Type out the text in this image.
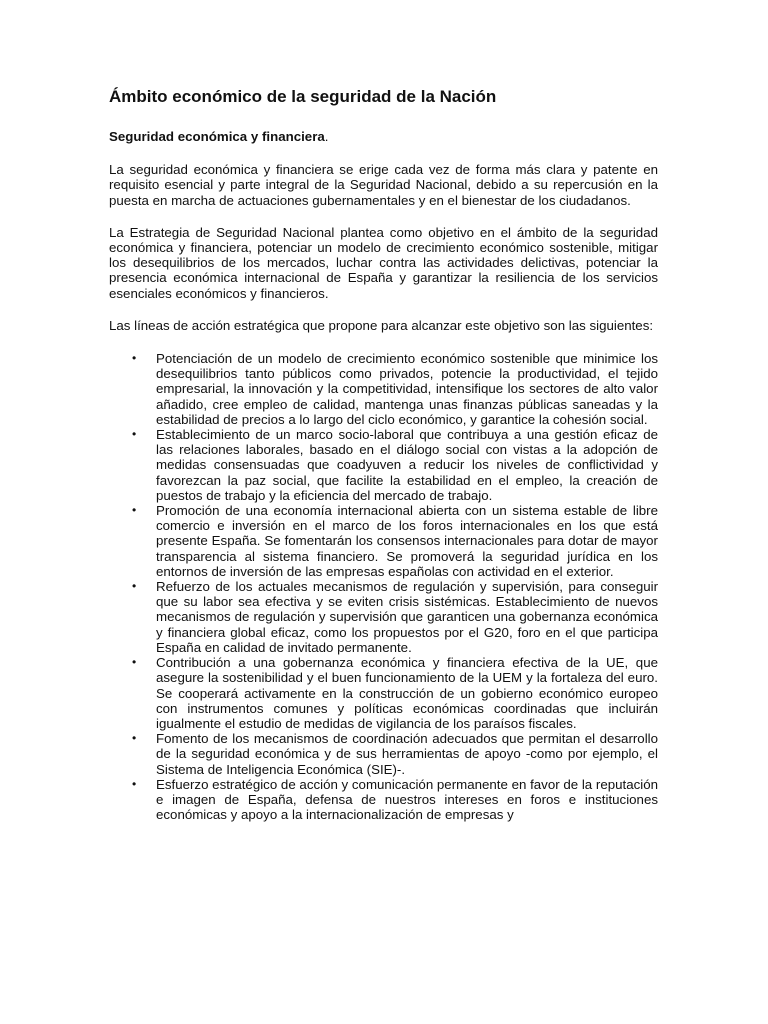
Ámbito económico de la seguridad de la Nación
Seguridad económica y financiera.

La seguridad económica y financiera se erige cada vez de forma más clara y patente en requisito esencial y parte integral de la Seguridad Nacional, debido a su repercusión en la puesta en marcha de actuaciones gubernamentales y en el bienestar de los ciudadanos.

La Estrategia de Seguridad Nacional plantea como objetivo en el ámbito de la seguridad económica y financiera, potenciar un modelo de crecimiento económico sostenible, mitigar los desequilibrios de los mercados, luchar contra las actividades delictivas, potenciar la presencia económica internacional de España y garantizar la resiliencia de los servicios esenciales económicos y financieros.

Las líneas de acción estratégica que propone para alcanzar este objetivo son las siguientes:

• Potenciación de un modelo de crecimiento económico sostenible que minimice los desequilibrios tanto públicos como privados, potencie la productividad, el tejido empresarial, la innovación y la competitividad, intensifique los sectores de alto valor añadido, cree empleo de calidad, mantenga unas finanzas públicas saneadas y la estabilidad de precios a lo largo del ciclo económico, y garantice la cohesión social.
• Establecimiento de un marco socio-laboral que contribuya a una gestión eficaz de las relaciones laborales, basado en el diálogo social con vistas a la adopción de medidas consensuadas que coadyuven a reducir los niveles de conflictividad y favorezcan la paz social, que facilite la estabilidad en el empleo, la creación de puestos de trabajo y la eficiencia del mercado de trabajo.
• Promoción de una economía internacional abierta con un sistema estable de libre comercio e inversión en el marco de los foros internacionales en los que está presente España. Se fomentarán los consensos internacionales para dotar de mayor transparencia al sistema financiero. Se promoverá la seguridad jurídica en los entornos de inversión de las empresas españolas con actividad en el exterior.
• Refuerzo de los actuales mecanismos de regulación y supervisión, para conseguir que su labor sea efectiva y se eviten crisis sistémicas. Establecimiento de nuevos mecanismos de regulación y supervisión que garanticen una gobernanza económica y financiera global eficaz, como los propuestos por el G20, foro en el que participa España en calidad de invitado permanente.
• Contribución a una gobernanza económica y financiera efectiva de la UE, que asegure la sostenibilidad y el buen funcionamiento de la UEM y la fortaleza del euro. Se cooperará activamente en la construcción de un gobierno económico europeo con instrumentos comunes y políticas económicas coordinadas que incluirán igualmente el estudio de medidas de vigilancia de los paraísos fiscales.
• Fomento de los mecanismos de coordinación adecuados que permitan el desarrollo de la seguridad económica y de sus herramientas de apoyo -como por ejemplo, el Sistema de Inteligencia Económica (SIE)-.
• Esfuerzo estratégico de acción y comunicación permanente en favor de la reputación e imagen de España, defensa de nuestros intereses en foros e instituciones económicas y apoyo a la internacionalización de empresas y
